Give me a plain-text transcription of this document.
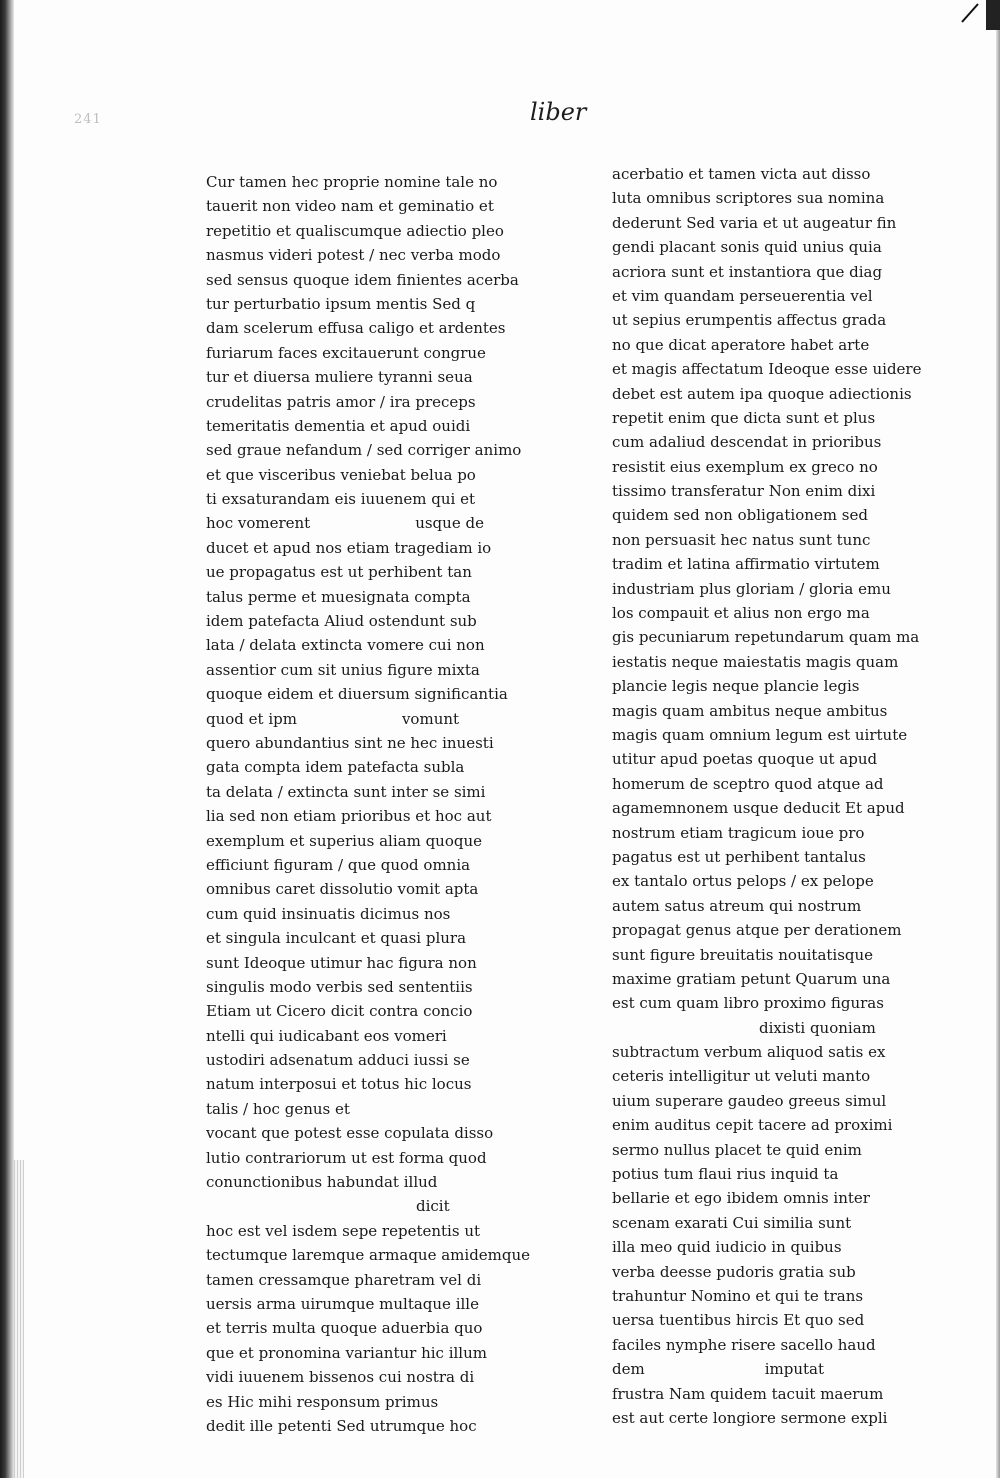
241	liber
Cur tamen hec proprie nomine tale no
tauerit non video nam et geminatio et
repetitio et qualiscumque adiectio pleo
nasmus videri potest / nec verba modo
sed sensus quoque idem finientes acerba
tur perturbatio ipsum mentis Sed q
dam scelerum effusa caligo et ardentes
furiarum faces excitauerunt congrue
tur et diuersa muliere tyranni seua
crudelitas patris amor / ira preceps
temeritatis dementia et apud ouidi
sed graue nefandum / sed corriger animo
et que visceribus veniebat belua po
ti exsaturandam eis iuuenem qui et
hoc vomerent       usque de
ducet et apud nos etiam tragediam io
ue propagatus est ut perhibent tan
talus perme et muesignata compta
idem patefacta Aliud ostendunt sub
lata / delata extincta vomere cui non
assentior cum sit unius figure mixta
quoque eidem et diuersum significantia
quod et ipm       vomunt
quero abundantius sint ne hec inuesti
gata compta idem patefacta subla
ta delata / extincta sunt inter se simi
lia sed non etiam prioribus et hoc aut
exemplum et superius aliam quoque
efficiunt figuram / que quod omnia
omnibus caret dissolutio vomit apta
cum quid insinuatis dicimus nos
et singula inculcant et quasi plura
sunt Ideoque utimur hac figura non
singulis modo verbis sed sententiis
Etiam ut Cicero dicit contra concio
ntelli qui iudicabant eos vomeri
ustodiri adsenatum adduci iussi se
natum interposui et totus hic locus
talis / hoc genus et
vocant que potest esse copulata disso
lutio contrariorum ut est forma quod
conunctionibus habundat illud
dicit
hoc est vel isdem sepe repetentis ut
tectumque laremque armaque amidemque
tamen cressamque pharetram vel di
uersis arma uirumque multaque ille
et terris multa quoque aduerbia quo
que et pronomina variantur hic illum
vidi iuuenem bissenos cui nostra di
es Hic mihi responsum primus
dedit ille petenti Sed utrumque hoc
acerbatio et tamen victa aut disso
luta omnibus scriptores sua nomina
dederunt Sed varia et ut augeatur fin
gendi placant sonis quid unius quia
acriora sunt et instantiora que diag
et vim quandam perseuerentia vel
ut sepius erumpentis affectus grada
no que dicat aperatore habet arte
et magis affectatum Ideoque esse uidere
debet est autem ipa quoque adiectionis
repetit enim que dicta sunt et plus
cum adaliud descendat in prioribus
resistit eius exemplum ex greco no
tissimo transferatur Non enim dixi
quidem sed non obligationem sed
non persuasit hec natus sunt tunc
tradim et latina affirmatio virtutem
industriam plus gloriam / gloria emu
los compauit et alius non ergo ma
gis pecuniarum repetundarum quam ma
iestatis neque maiestatis magis quam
plancie legis neque plancie legis
magis quam ambitus neque ambitus
magis quam omnium legum est uirtute
utitur apud poetas quoque ut apud
homerum de sceptro quod atque ad
agamemnonem usque deducit Et apud
nostrum etiam tragicum ioue pro
pagatus est ut perhibent tantalus
ex tantalo ortus pelops / ex pelope
autem satus atreum qui nostrum
propagat genus atque per derationem
sunt figure breuitatis nouitatisque
maxime gratiam petunt Quarum una
est cum quam libro proximo figuras
dixisti quoniam
subtractum verbum aliquod satis ex
ceteris intelligitur ut veluti manto
uium superare gaudeo greeus simul
enim auditus cepit tacere ad proximi
sermo nullus placet te quid enim
potius tum flaui rius inquid ta
bellarie et ego ibidem omnis inter
scenam exarati Cui similia sunt
illa meo quid iudicio in quibus
verba deesse pudoris gratia sub
trahuntur Nomino et qui te trans
uersa tuentibus hircis Et quo sed
faciles nymphe risere sacello haud
dem        imputat
frustra Nam quidem tacuit maerum
est aut certe longiore sermone expli
